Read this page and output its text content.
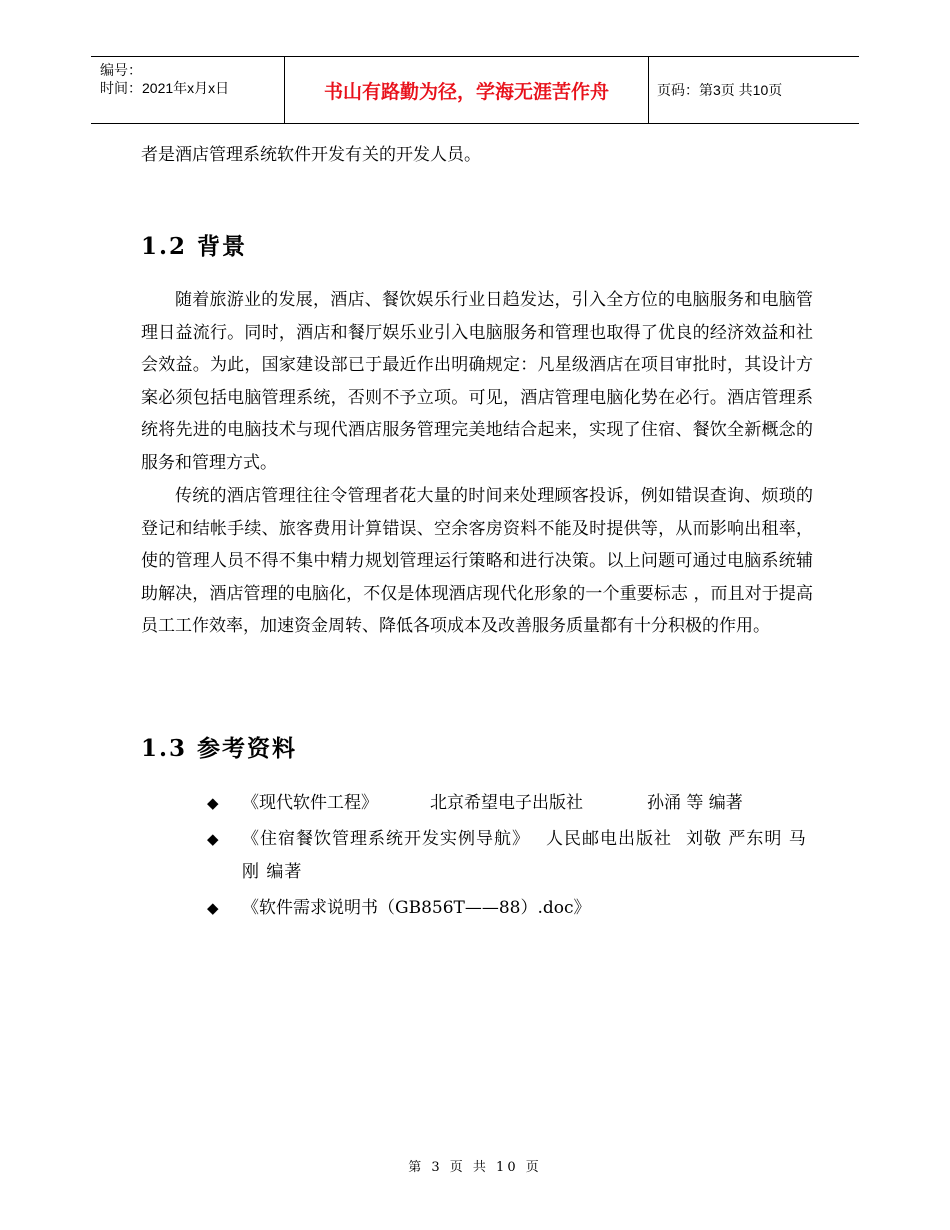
编号：
时间：2021年x月x日	书山有路勤为径，学海无涯苦作舟	页码：第3页 共10页
者是酒店管理系统软件开发有关的开发人员。
1.2 背景

随着旅游业的发展，酒店、餐饮娱乐行业日趋发达，引入全方位的电脑服务和电脑管理日益流行。同时，酒店和餐厅娱乐业引入电脑服务和管理也取得了优良的经济效益和社会效益。为此，国家建设部已于最近作出明确规定：凡星级酒店在项目审批时，其设计方案必须包括电脑管理系统，否则不予立项。可见，酒店管理电脑化势在必行。酒店管理系统将先进的电脑技术与现代酒店服务管理完美地结合起来，实现了住宿、餐饮全新概念的服务和管理方式。

传统的酒店管理往往令管理者花大量的时间来处理顾客投诉，例如错误查询、烦琐的登记和结帐手续、旅客费用计算错误、空余客房资料不能及时提供等，从而影响出租率，使的管理人员不得不集中精力规划管理运行策略和进行决策。以上问题可通过电脑系统辅助解决，酒店管理的电脑化，不仅是体现酒店现代化形象的一个重要标志 ，而且对于提高员工工作效率，加速资金周转、降低各项成本及改善服务质量都有十分积极的作用。

1.3 参考资料
◆ 《现代软件工程》	北京希望电子出版社	孙涌 等 编著
◆ 《住宿餐饮管理系统开发实例导航》 人民邮电出版社 刘敬 严东明 马刚 编著
◆ 《软件需求说明书（GB856T——88）.doc》
第 3 页 共 10 页
